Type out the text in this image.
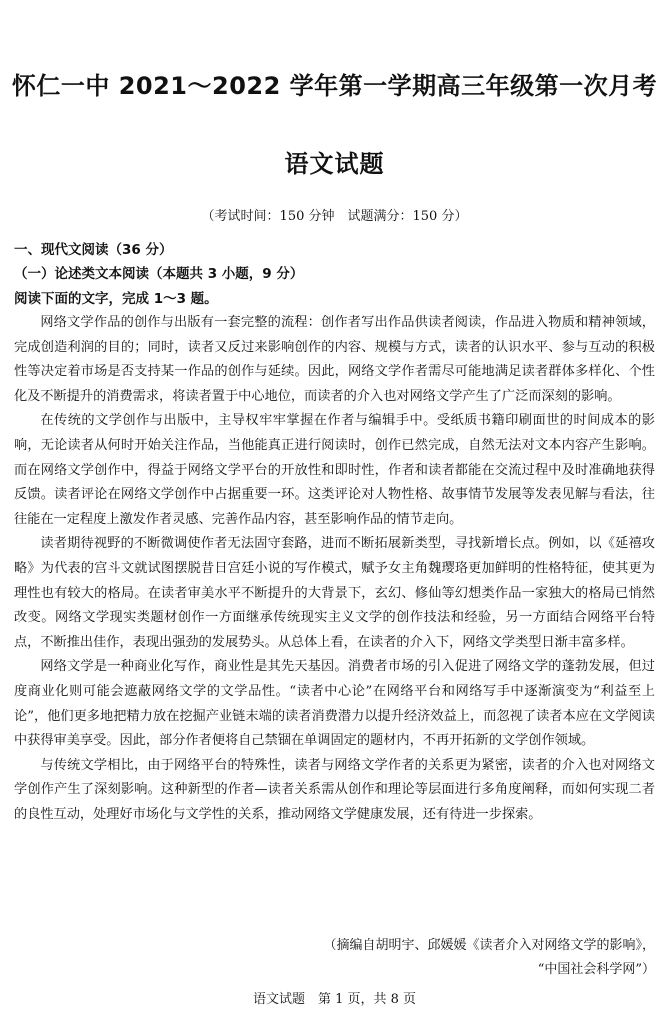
怀仁一中 2021～2022 学年第一学期高三年级第一次月考
语文试题
（考试时间：150 分钟　试题满分：150 分）
一、现代文阅读（36 分）
（一）论述类文本阅读（本题共 3 小题，9 分）
阅读下面的文字，完成 1～3 题。

网络文学作品的创作与出版有一套完整的流程：创作者写出作品供读者阅读，作品进入物质和精神领域，完成创造利润的目的；同时，读者又反过来影响创作的内容、规模与方式，读者的认识水平、参与互动的积极性等决定着市场是否支持某一作品的创作与延续。因此，网络文学作者需尽可能地满足读者群体多样化、个性化及不断提升的消费需求，将读者置于中心地位，而读者的介入也对网络文学产生了广泛而深刻的影响。

在传统的文学创作与出版中，主导权牢牢掌握在作者与编辑手中。受纸质书籍印刷面世的时间成本的影响，无论读者从何时开始关注作品，当他能真正进行阅读时，创作已然完成，自然无法对文本内容产生影响。而在网络文学创作中，得益于网络文学平台的开放性和即时性，作者和读者都能在交流过程中及时准确地获得反馈。读者评论在网络文学创作中占据重要一环。这类评论对人物性格、故事情节发展等发表见解与看法，往往能在一定程度上激发作者灵感、完善作品内容，甚至影响作品的情节走向。

读者期待视野的不断微调使作者无法固守套路，进而不断拓展新类型，寻找新增长点。例如，以《延禧攻略》为代表的宫斗文就试图摆脱昔日宫廷小说的写作模式，赋予女主角魏璎珞更加鲜明的性格特征，使其更为理性也有较大的格局。在读者审美水平不断提升的大背景下，玄幻、修仙等幻想类作品一家独大的格局已悄然改变。网络文学现实类题材创作一方面继承传统现实主义文学的创作技法和经验，另一方面结合网络平台特点，不断推出佳作，表现出强劲的发展势头。从总体上看，在读者的介入下，网络文学类型日渐丰富多样。

网络文学是一种商业化写作，商业性是其先天基因。消费者市场的引入促进了网络文学的蓬勃发展，但过度商业化则可能会遮蔽网络文学的文学品性。“读者中心论”在网络平台和网络写手中逐渐演变为“利益至上论”，他们更多地把精力放在挖掘产业链末端的读者消费潜力以提升经济效益上，而忽视了读者本应在文学阅读中获得审美享受。因此，部分作者便将自己禁锢在单调固定的题材内，不再开拓新的文学创作领域。

与传统文学相比，由于网络平台的特殊性，读者与网络文学作者的关系更为紧密，读者的介入也对网络文学创作产生了深刻影响。这种新型的作者—读者关系需从创作和理论等层面进行多角度阐释，而如何实现二者的良性互动，处理好市场化与文学性的关系，推动网络文学健康发展，还有待进一步探索。

（摘编自胡明宇、邱媛媛《读者介入对网络文学的影响》，
“中国社会科学网”）
语文试题　第 1 页，共 8 页
